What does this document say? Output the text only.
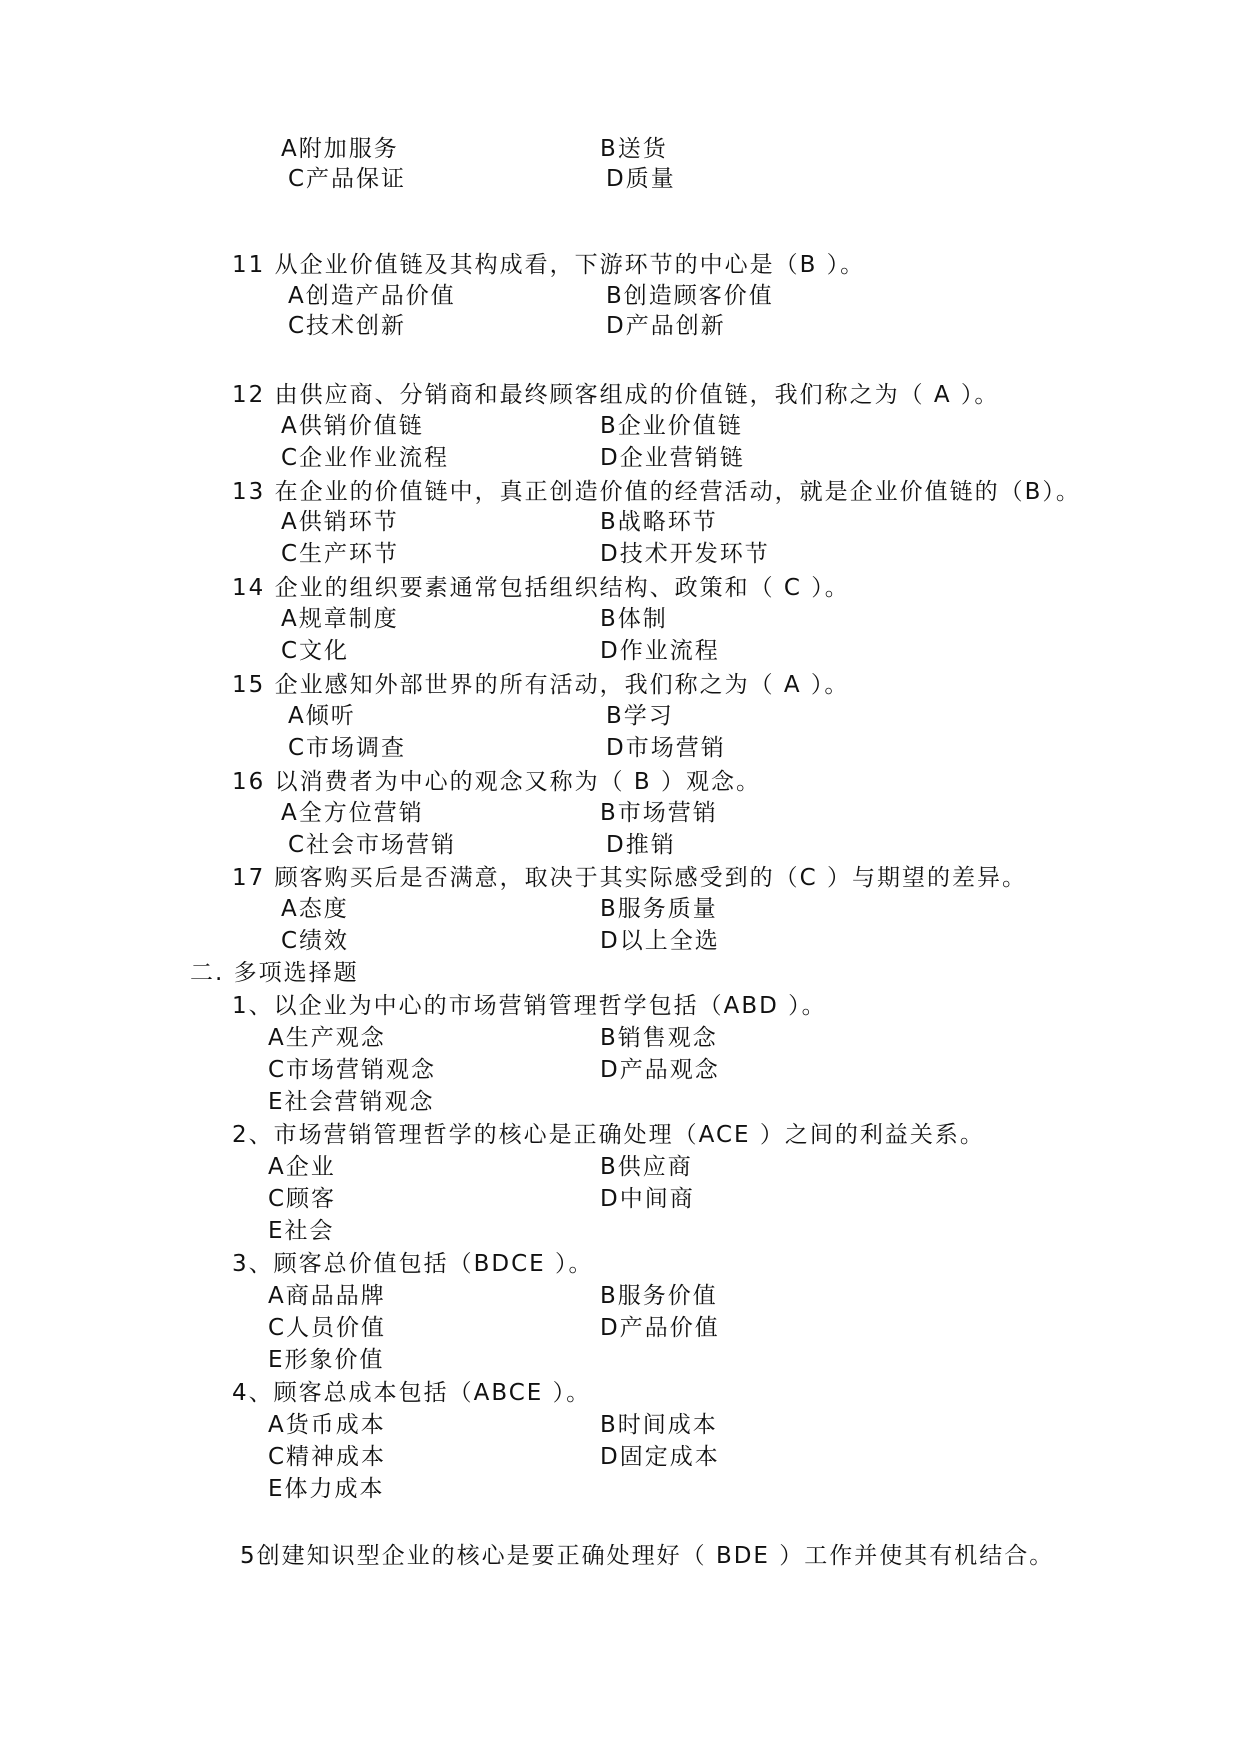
A附加服务	B送货
C产品保证	D质量
11 从企业价值链及其构成看，下游环节的中心是（B ）。
A创造产品价值	B创造顾客价值
C技术创新	D产品创新
12 由供应商、分销商和最终顾客组成的价值链，我们称之为（ A ）。
A供销价值链	B企业价值链
C企业作业流程	D企业营销链
13 在企业的价值链中，真正创造价值的经营活动，就是企业价值链的（B）。
A供销环节	B战略环节
C生产环节	D技术开发环节
14 企业的组织要素通常包括组织结构、政策和（ C ）。
A规章制度	B体制
C文化	D作业流程
15 企业感知外部世界的所有活动，我们称之为（ A ）。
A倾听	B学习
C市场调查	D市场营销
16 以消费者为中心的观念又称为（ B ）观念。
A全方位营销	B市场营销
C社会市场营销	D推销
17 顾客购买后是否满意，取决于其实际感受到的（C ）与期望的差异。
A态度	B服务质量
C绩效	D以上全选
二. 多项选择题
1、以企业为中心的市场营销管理哲学包括（ABD ）。
A生产观念	B销售观念
C市场营销观念	D产品观念
E社会营销观念
2、市场营销管理哲学的核心是正确处理（ACE ）之间的利益关系。
A企业	B供应商
C顾客	D中间商
E社会
3、顾客总价值包括（BDCE ）。
A商品品牌	B服务价值
C人员价值	D产品价值
E形象价值
4、顾客总成本包括（ABCE ）。
A货币成本	B时间成本
C精神成本	D固定成本
E体力成本
5创建知识型企业的核心是要正确处理好（ BDE ）工作并使其有机结合。
